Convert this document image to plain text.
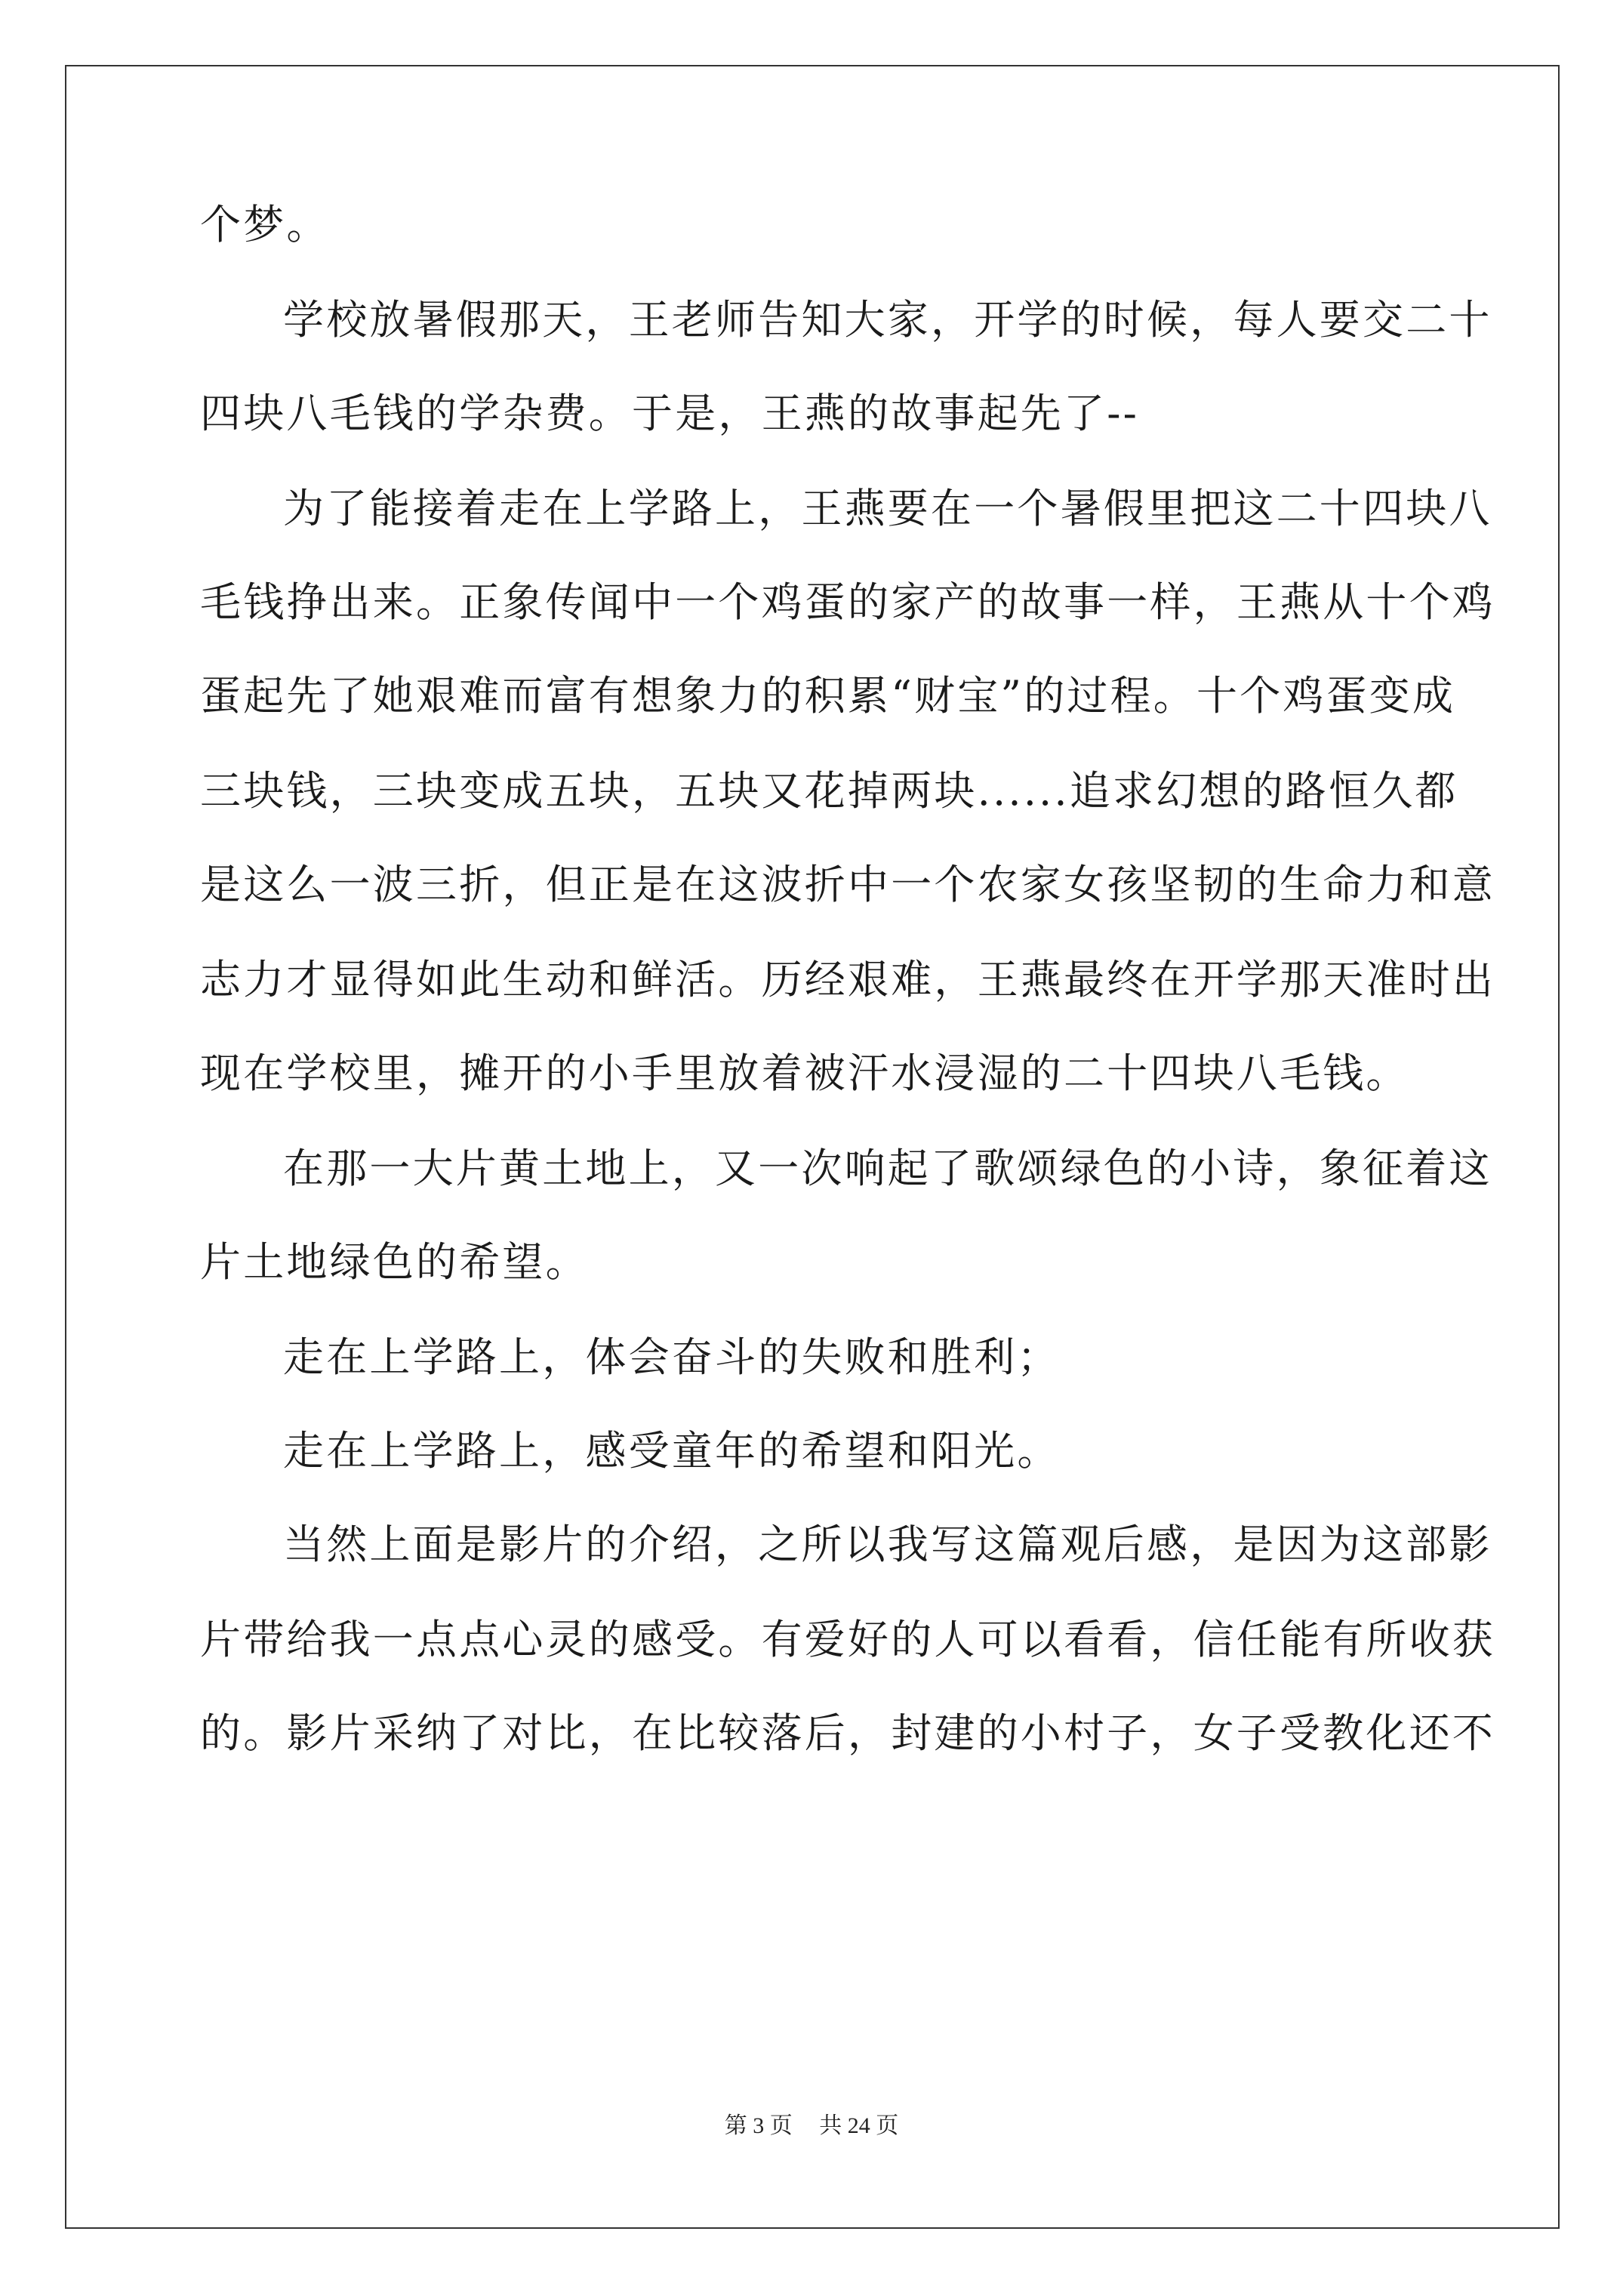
个梦。
学校放暑假那天，王老师告知大家，开学的时候，每人要交二十
四块八毛钱的学杂费。于是，王燕的故事起先了--
为了能接着走在上学路上，王燕要在一个暑假里把这二十四块八
毛钱挣出来。正象传闻中一个鸡蛋的家产的故事一样，王燕从十个鸡
蛋起先了她艰难而富有想象力的积累“财宝”的过程。十个鸡蛋变成
三块钱，三块变成五块，五块又花掉两块......追求幻想的路恒久都
是这么一波三折，但正是在这波折中一个农家女孩坚韧的生命力和意
志力才显得如此生动和鲜活。历经艰难，王燕最终在开学那天准时出
现在学校里，摊开的小手里放着被汗水浸湿的二十四块八毛钱。
在那一大片黄土地上，又一次响起了歌颂绿色的小诗，象征着这
片土地绿色的希望。
走在上学路上，体会奋斗的失败和胜利；
走在上学路上，感受童年的希望和阳光。
当然上面是影片的介绍，之所以我写这篇观后感，是因为这部影
片带给我一点点心灵的感受。有爱好的人可以看看，信任能有所收获
的。影片采纳了对比，在比较落后，封建的小村子，女子受教化还不
第 3 页 共 24 页
